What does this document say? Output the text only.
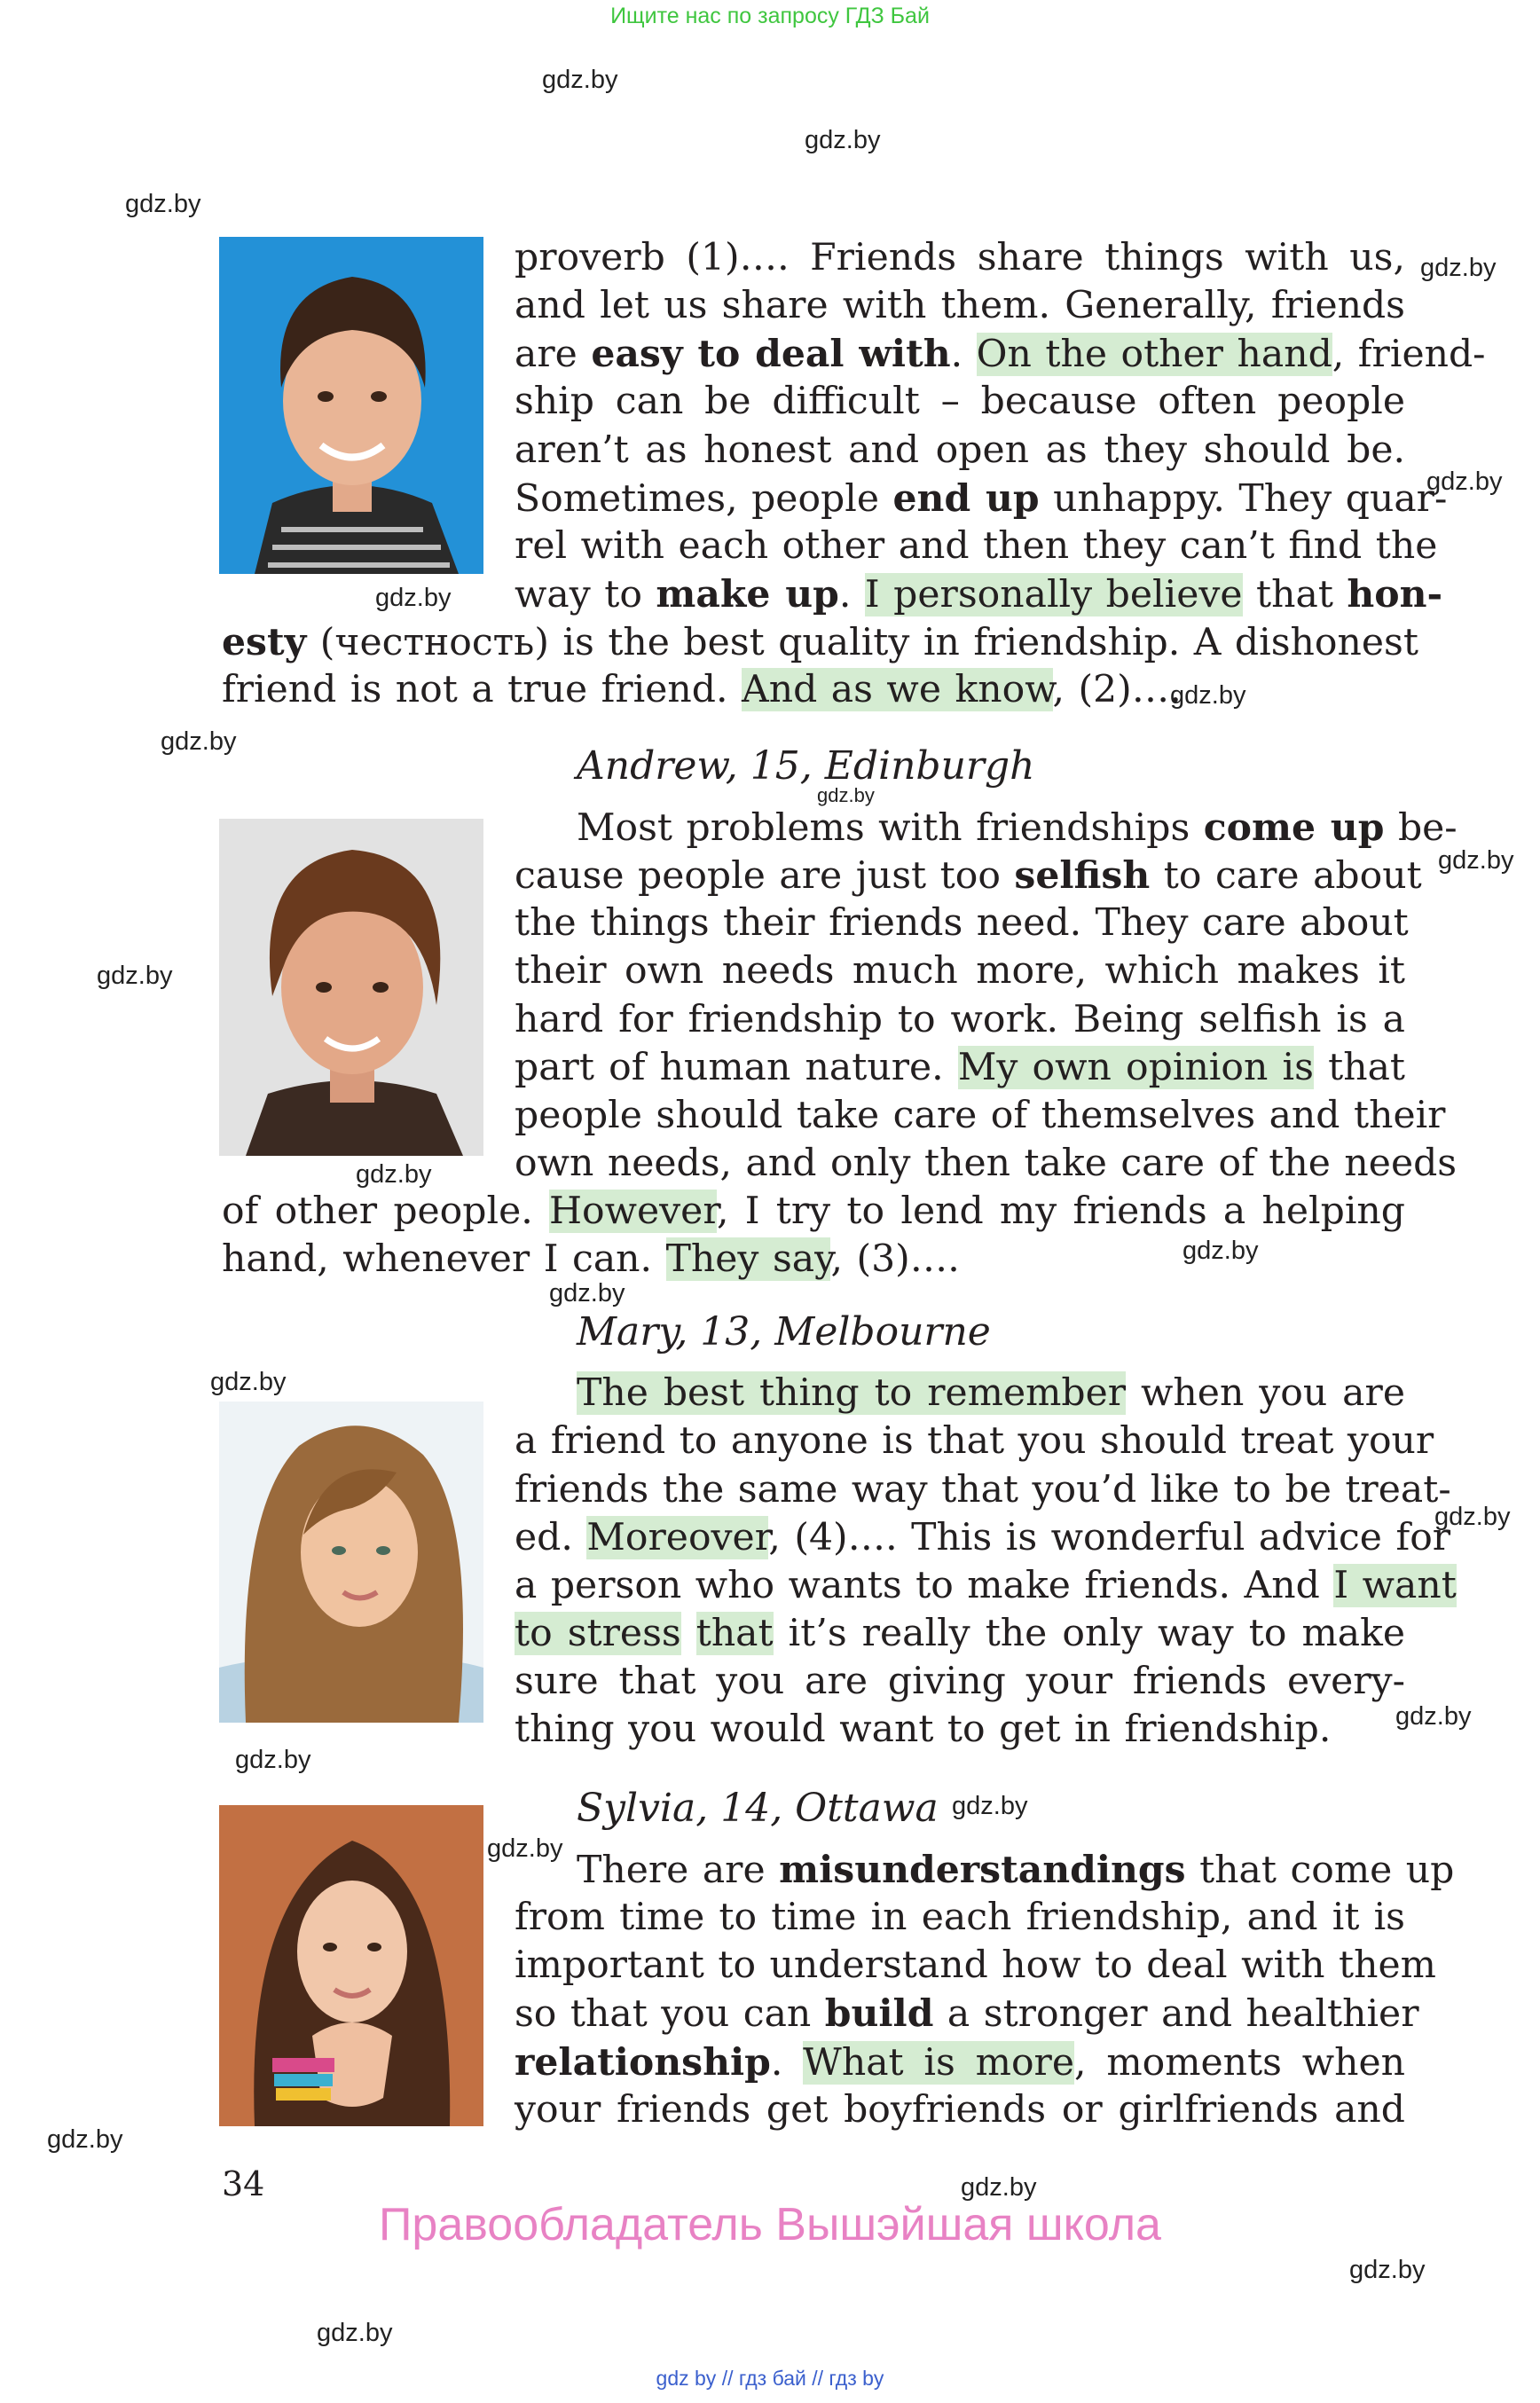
Ищите нас по запросу ГДЗ Бай
gdz.by
gdz.by
gdz.by
gdz.by
gdz.by
gdz.by
gdz.by
gdz.by
gdz.by
gdz.by
gdz.by
gdz.by
gdz.by
gdz.by
gdz.by
gdz.by
gdz.by
gdz.by
gdz.by
gdz.by
gdz.by
gdz.by
gdz.by
gdz.by
proverb (1)…. Friends share things with us,
and let us share with them. Generally, friends
are easy to deal with. On the other hand, friend-
ship can be difficult – because often people
aren’t as honest and open as they should be.
Sometimes, people end up unhappy. They quar-
rel with each other and then they can’t find the
way to make up. I personally believe that hon-
esty (честность) is the best quality in friendship. A dishonest
friend is not a true friend. And as we know, (2)….
Andrew, 15, Edinburgh
Most problems with friendships come up be-
cause people are just too selfish to care about
the things their friends need. They care about
their own needs much more, which makes it
hard for friendship to work. Being selfish is a
part of human nature. My own opinion is that
people should take care of themselves and their
own needs, and only then take care of the needs
of other people. However, I try to lend my friends a helping
hand, whenever I can. They say, (3)….
Mary, 13, Melbourne
The best thing to remember when you are
a friend to anyone is that you should treat your
friends the same way that you’d like to be treat-
ed. Moreover, (4)…. This is wonderful advice for
a person who wants to make friends. And I want
to stress that it’s really the only way to make
sure that you are giving your friends every-
thing you would want to get in friendship.
Sylvia, 14, Ottawa
There are misunderstandings that come up
from time to time in each friendship, and it is
important to understand how to deal with them
so that you can build a stronger and healthier
relationship. What is more, moments when
your friends get boyfriends or girlfriends and
34
Правообладатель Вышэйшая школа
gdz by // гдз бай // гдз by
